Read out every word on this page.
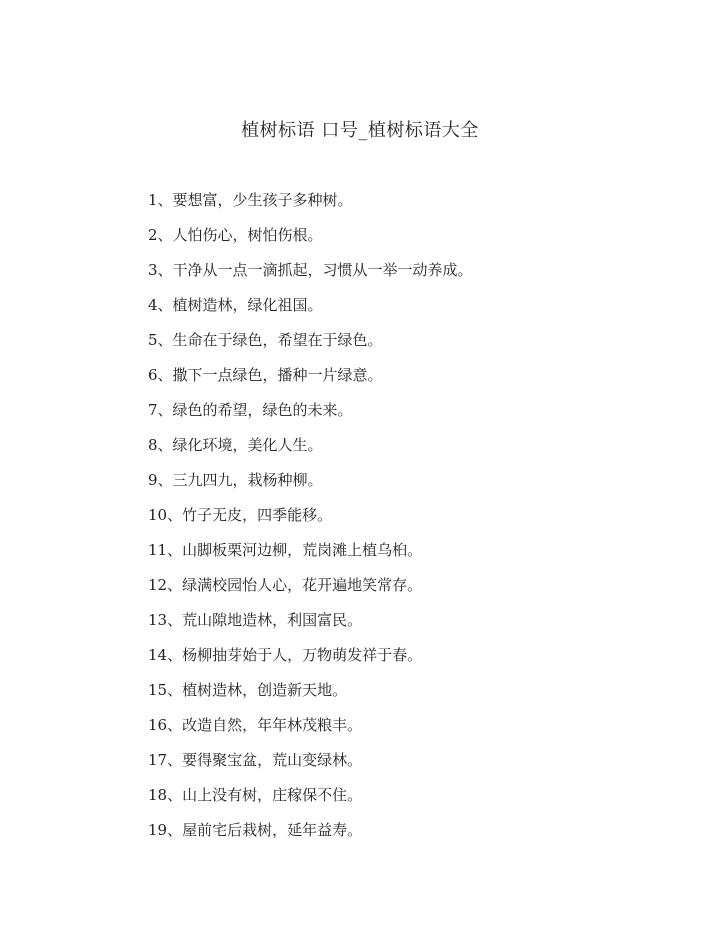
植树标语 口号_植树标语大全
1、要想富，少生孩子多种树。
2、人怕伤心，树怕伤根。
3、干净从一点一滴抓起，习惯从一举一动养成。
4、植树造林，绿化祖国。
5、生命在于绿色，希望在于绿色。
6、撒下一点绿色，播种一片绿意。
7、绿色的希望，绿色的未来。
8、绿化环境，美化人生。
9、三九四九，栽杨种柳。
10、竹子无皮，四季能移。
11、山脚板栗河边柳，荒岗滩上植乌桕。
12、绿满校园怡人心，花开遍地笑常存。
13、荒山隙地造林，利国富民。
14、杨柳抽芽始于人，万物萌发祥于春。
15、植树造林，创造新天地。
16、改造自然，年年林茂粮丰。
17、要得聚宝盆，荒山变绿林。
18、山上没有树，庄稼保不住。
19、屋前宅后栽树，延年益寿。
